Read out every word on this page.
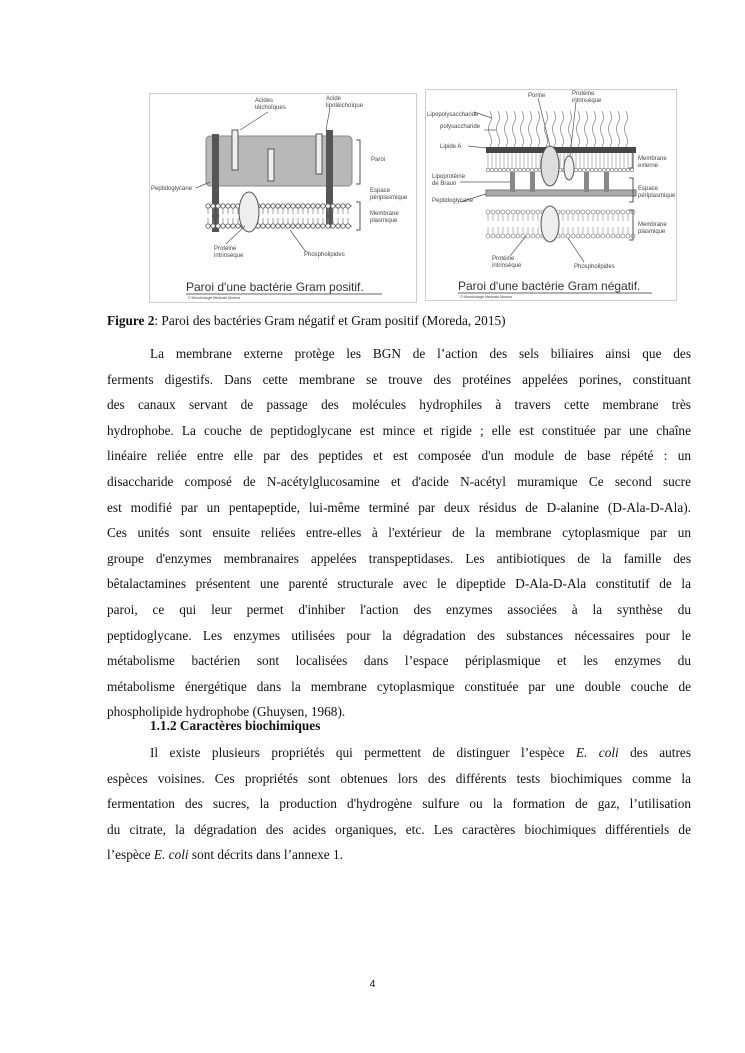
Acides
téichoïques
Acide
lipotéichoïque
Paroi
Peptidoglycane	Espace
périplasmique
Membrane
plasmique
Protéine
intrinsèque	Phospholipides
Paroi d'une bactérie Gram positif.
© Microbiologie Médicale Moréna
Porine	Protéine
intrinsèque
Lipopolysaccharide
polysaccharide
Lipide A
Membrane
externe
Lipoprotéine
de Braun
Espace
périplasmique
Peptidoglycane
Membrane
plasmique
Protéine
intrinsèque	Phospholipides
Paroi d'une bactérie Gram négatif.
© Microbiologie Médicale Moréna
Figure 2: Paroi des bactéries Gram négatif et Gram positif (Moreda, 2015)
La membrane externe protège les BGN de l’action des sels biliaires ainsi que des
ferments digestifs. Dans cette membrane se trouve des protéines appelées porines, constituant
des canaux servant de passage des molécules hydrophiles à travers cette membrane très
hydrophobe. La couche de peptidoglycane est mince et rigide ; elle est constituée par une chaîne
linéaire reliée entre elle par des peptides et est composée d'un module de base répété : un
disaccharide composé de N-acétylglucosamine et d'acide N-acétyl muramique Ce second sucre
est modifié par un pentapeptide, lui-même terminé par deux résidus de D-alanine (D-Ala-D-Ala).
Ces unités sont ensuite reliées entre-elles à l'extérieur de la membrane cytoplasmique par un
groupe d'enzymes membranaires appelées transpeptidases. Les antibiotiques de la famille des
bêtalactamines présentent une parenté structurale avec le dipeptide D-Ala-D-Ala constitutif de la
paroi, ce qui leur permet d'inhiber l'action des enzymes associées à la synthèse du
peptidoglycane. Les enzymes utilisées pour la dégradation des substances nécessaires pour le
métabolisme bactérien sont localisées dans l’espace périplasmique et les enzymes du
métabolisme énergétique dans la membrane cytoplasmique constituée par une double couche de
phospholipide hydrophobe (Ghuysen, 1968).
1.1.2 Caractères biochimiques
Il existe plusieurs propriétés qui permettent de distinguer l’espèce E. coli des autres
espèces voisines. Ces propriétés sont obtenues lors des différents tests biochimiques comme la
fermentation des sucres, la production d'hydrogène sulfure ou la formation de gaz, l’utilisation
du citrate, la dégradation des acides organiques, etc. Les caractères biochimiques différentiels de
l’espèce E. coli sont décrits dans l’annexe 1.
4
